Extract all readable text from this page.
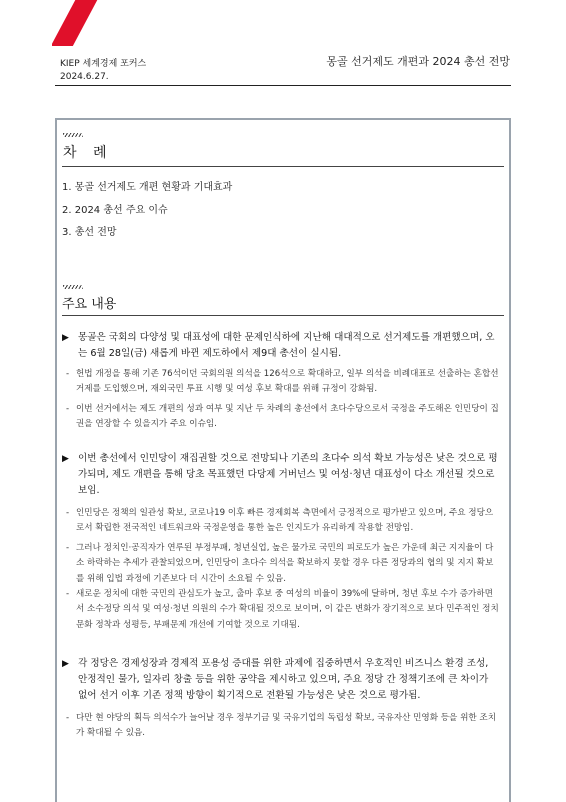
KIEP 세계경제 포커스
2024.6.27.
몽골 선거제도 개편과 2024 총선 전망
차 례
1. 몽골 선거제도 개편 현황과 기대효과
2. 2024 총선 주요 이슈
3. 총선 전망
주요 내용
▶ 몽골은 국회의 다양성 및 대표성에 대한 문제인식하에 지난해 대대적으로 선거제도를 개편했으며, 오는 6월 28일(금) 새롭게 바뀐 제도하에서 제9대 총선이 실시됨.
- 헌법 개정을 통해 기존 76석이던 국회의원 의석을 126석으로 확대하고, 일부 의석을 비례대표로 선출하는 혼합선거제를 도입했으며, 재외국민 투표 시행 및 여성 후보 확대를 위해 규정이 강화됨.
- 이번 선거에서는 제도 개편의 성과 여부 및 지난 두 차례의 총선에서 초다수당으로서 국정을 주도해온 인민당이 집권을 연장할 수 있을지가 주요 이슈임.
▶ 이번 총선에서 인민당이 재집권할 것으로 전망되나 기존의 초다수 의석 확보 가능성은 낮은 것으로 평가되며, 제도 개편을 통해 당초 목표했던 다당제 거버넌스 및 여성·청년 대표성이 다소 개선될 것으로 보임.
- 인민당은 정책의 일관성 확보, 코로나19 이후 빠른 경제회복 측면에서 긍정적으로 평가받고 있으며, 주요 정당으로서 확립한 전국적인 네트워크와 국정운영을 통한 높은 인지도가 유리하게 작용할 전망임.
- 그러나 정치인·공직자가 연루된 부정부패, 청년실업, 높은 물가로 국민의 피로도가 높은 가운데 최근 지지율이 다소 하락하는 추세가 관찰되었으며, 인민당이 초다수 의석을 확보하지 못할 경우 다른 정당과의 협의 및 지지 확보를 위해 입법 과정에 기존보다 더 시간이 소요될 수 있음.
- 새로운 정치에 대한 국민의 관심도가 높고, 출마 후보 중 여성의 비율이 39%에 달하며, 청년 후보 수가 증가하면서 소수정당 의석 및 여성·청년 의원의 수가 확대될 것으로 보이며, 이 같은 변화가 장기적으로 보다 민주적인 정치문화 정착과 성평등, 부패문제 개선에 기여할 것으로 기대됨.
▶ 각 정당은 경제성장과 경제적 포용성 증대를 위한 과제에 집중하면서 우호적인 비즈니스 환경 조성, 안정적인 물가, 일자리 창출 등을 위한 공약을 제시하고 있으며, 주요 정당 간 정책기조에 큰 차이가 없어 선거 이후 기존 정책 방향이 획기적으로 전환될 가능성은 낮은 것으로 평가됨.
- 다만 현 야당의 획득 의석수가 늘어날 경우 정부기금 및 국유기업의 독립성 확보, 국유자산 민영화 등을 위한 조치가 확대될 수 있음.
